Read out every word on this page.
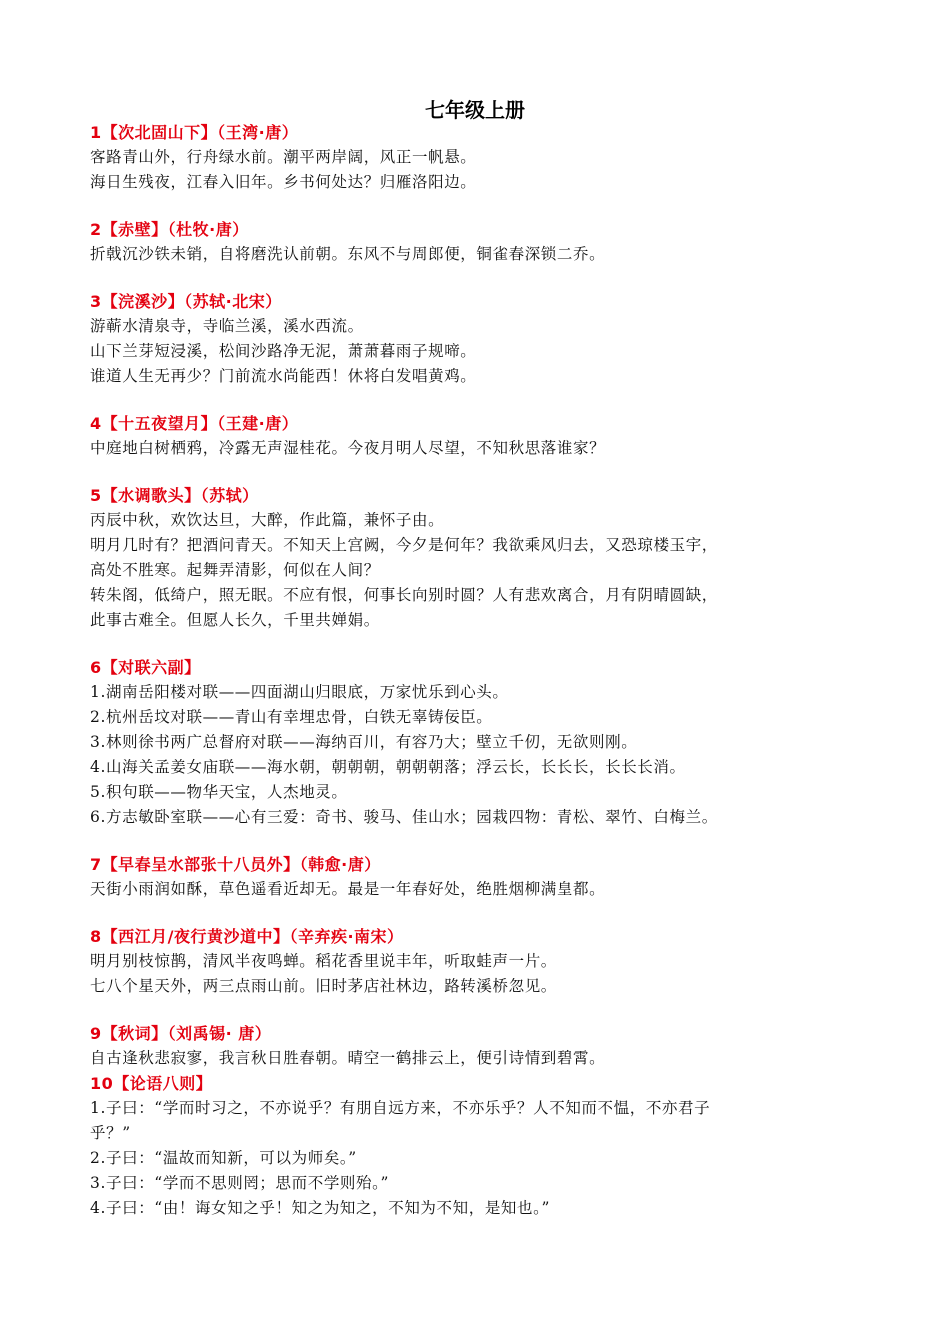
七年级上册
1【次北固山下】（王湾·唐）
客路青山外，行舟绿水前。潮平两岸阔，风正一帆悬。
海日生残夜，江春入旧年。乡书何处达？归雁洛阳边。
2【赤壁】（杜牧·唐）
折戟沉沙铁未销，自将磨洗认前朝。东风不与周郎便，铜雀春深锁二乔。
3【浣溪沙】（苏轼·北宋）
游蕲水清泉寺，寺临兰溪，溪水西流。
山下兰芽短浸溪，松间沙路净无泥，萧萧暮雨子规啼。
谁道人生无再少？门前流水尚能西！休将白发唱黄鸡。
4【十五夜望月】（王建·唐）
中庭地白树栖鸦，冷露无声湿桂花。今夜月明人尽望，不知秋思落谁家？
5【水调歌头】（苏轼）
丙辰中秋，欢饮达旦，大醉，作此篇，兼怀子由。
明月几时有？把酒问青天。不知天上宫阙，今夕是何年？我欲乘风归去，又恐琼楼玉宇，
高处不胜寒。起舞弄清影，何似在人间？
转朱阁，低绮户，照无眠。不应有恨，何事长向别时圆？人有悲欢离合，月有阴晴圆缺，
此事古难全。但愿人长久，千里共婵娟。
6【对联六副】
1.湖南岳阳楼对联——四面湖山归眼底，万家忧乐到心头。
2.杭州岳坟对联——青山有幸埋忠骨，白铁无辜铸佞臣。
3.林则徐书两广总督府对联——海纳百川，有容乃大；壁立千仞，无欲则刚。
4.山海关孟姜女庙联——海水朝，朝朝朝，朝朝朝落；浮云长，长长长，长长长消。
5.积句联——物华天宝，人杰地灵。
6.方志敏卧室联——心有三爱：奇书、骏马、佳山水；园栽四物：青松、翠竹、白梅兰。
7【早春呈水部张十八员外】（韩愈·唐）
天街小雨润如酥，草色遥看近却无。最是一年春好处，绝胜烟柳满皇都。
8【西江月/夜行黄沙道中】（辛弃疾·南宋）
明月别枝惊鹊，清风半夜鸣蝉。稻花香里说丰年，听取蛙声一片。
七八个星天外，两三点雨山前。旧时茅店社林边，路转溪桥忽见。
9【秋词】（刘禹锡· 唐）
自古逢秋悲寂寥，我言秋日胜春朝。晴空一鹤排云上，便引诗情到碧霄。
10【论语八则】
1.子曰：“学而时习之，不亦说乎？有朋自远方来，不亦乐乎？人不知而不愠，不亦君子
乎？”
2.子曰：“温故而知新，可以为师矣。”
3.子曰：“学而不思则罔；思而不学则殆。”
4.子曰：“由！诲女知之乎！知之为知之，不知为不知，是知也。”
